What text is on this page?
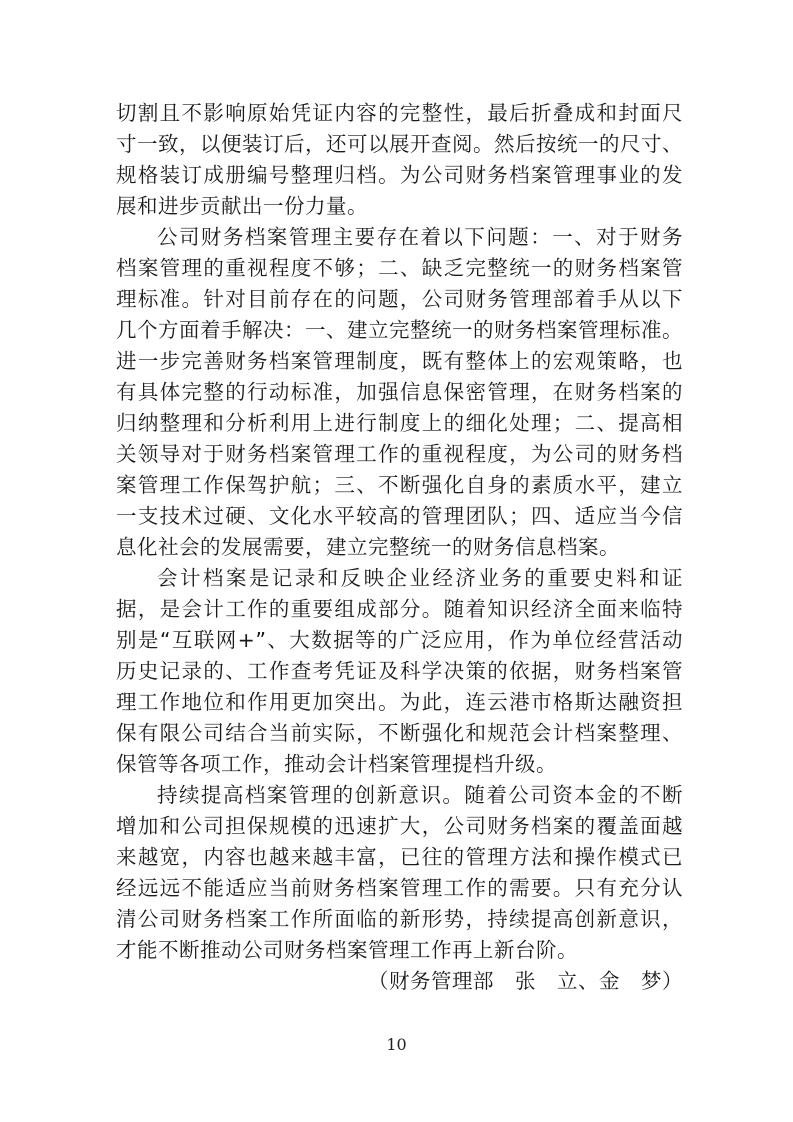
切割且不影响原始凭证内容的完整性，最后折叠成和封面尺
寸一致，以便装订后，还可以展开查阅。然后按统一的尺寸、
规格装订成册编号整理归档。为公司财务档案管理事业的发
展和进步贡献出一份力量。
公司财务档案管理主要存在着以下问题：一、对于财务
档案管理的重视程度不够；二、缺乏完整统一的财务档案管
理标准。针对目前存在的问题，公司财务管理部着手从以下
几个方面着手解决：一、建立完整统一的财务档案管理标准。
进一步完善财务档案管理制度，既有整体上的宏观策略，也
有具体完整的行动标准，加强信息保密管理，在财务档案的
归纳整理和分析利用上进行制度上的细化处理；二、提高相
关领导对于财务档案管理工作的重视程度，为公司的财务档
案管理工作保驾护航；三、不断强化自身的素质水平，建立
一支技术过硬、文化水平较高的管理团队；四、适应当今信
息化社会的发展需要，建立完整统一的财务信息档案。
会计档案是记录和反映企业经济业务的重要史料和证
据，是会计工作的重要组成部分。随着知识经济全面来临特
别是“互联网+”、大数据等的广泛应用，作为单位经营活动
历史记录的、工作查考凭证及科学决策的依据，财务档案管
理工作地位和作用更加突出。为此，连云港市格斯达融资担
保有限公司结合当前实际，不断强化和规范会计档案整理、
保管等各项工作，推动会计档案管理提档升级。
持续提高档案管理的创新意识。随着公司资本金的不断
增加和公司担保规模的迅速扩大，公司财务档案的覆盖面越
来越宽，内容也越来越丰富，已往的管理方法和操作模式已
经远远不能适应当前财务档案管理工作的需要。只有充分认
清公司财务档案工作所面临的新形势，持续提高创新意识，
才能不断推动公司财务档案管理工作再上新台阶。
（财务管理部　张　立、金　梦）
10
